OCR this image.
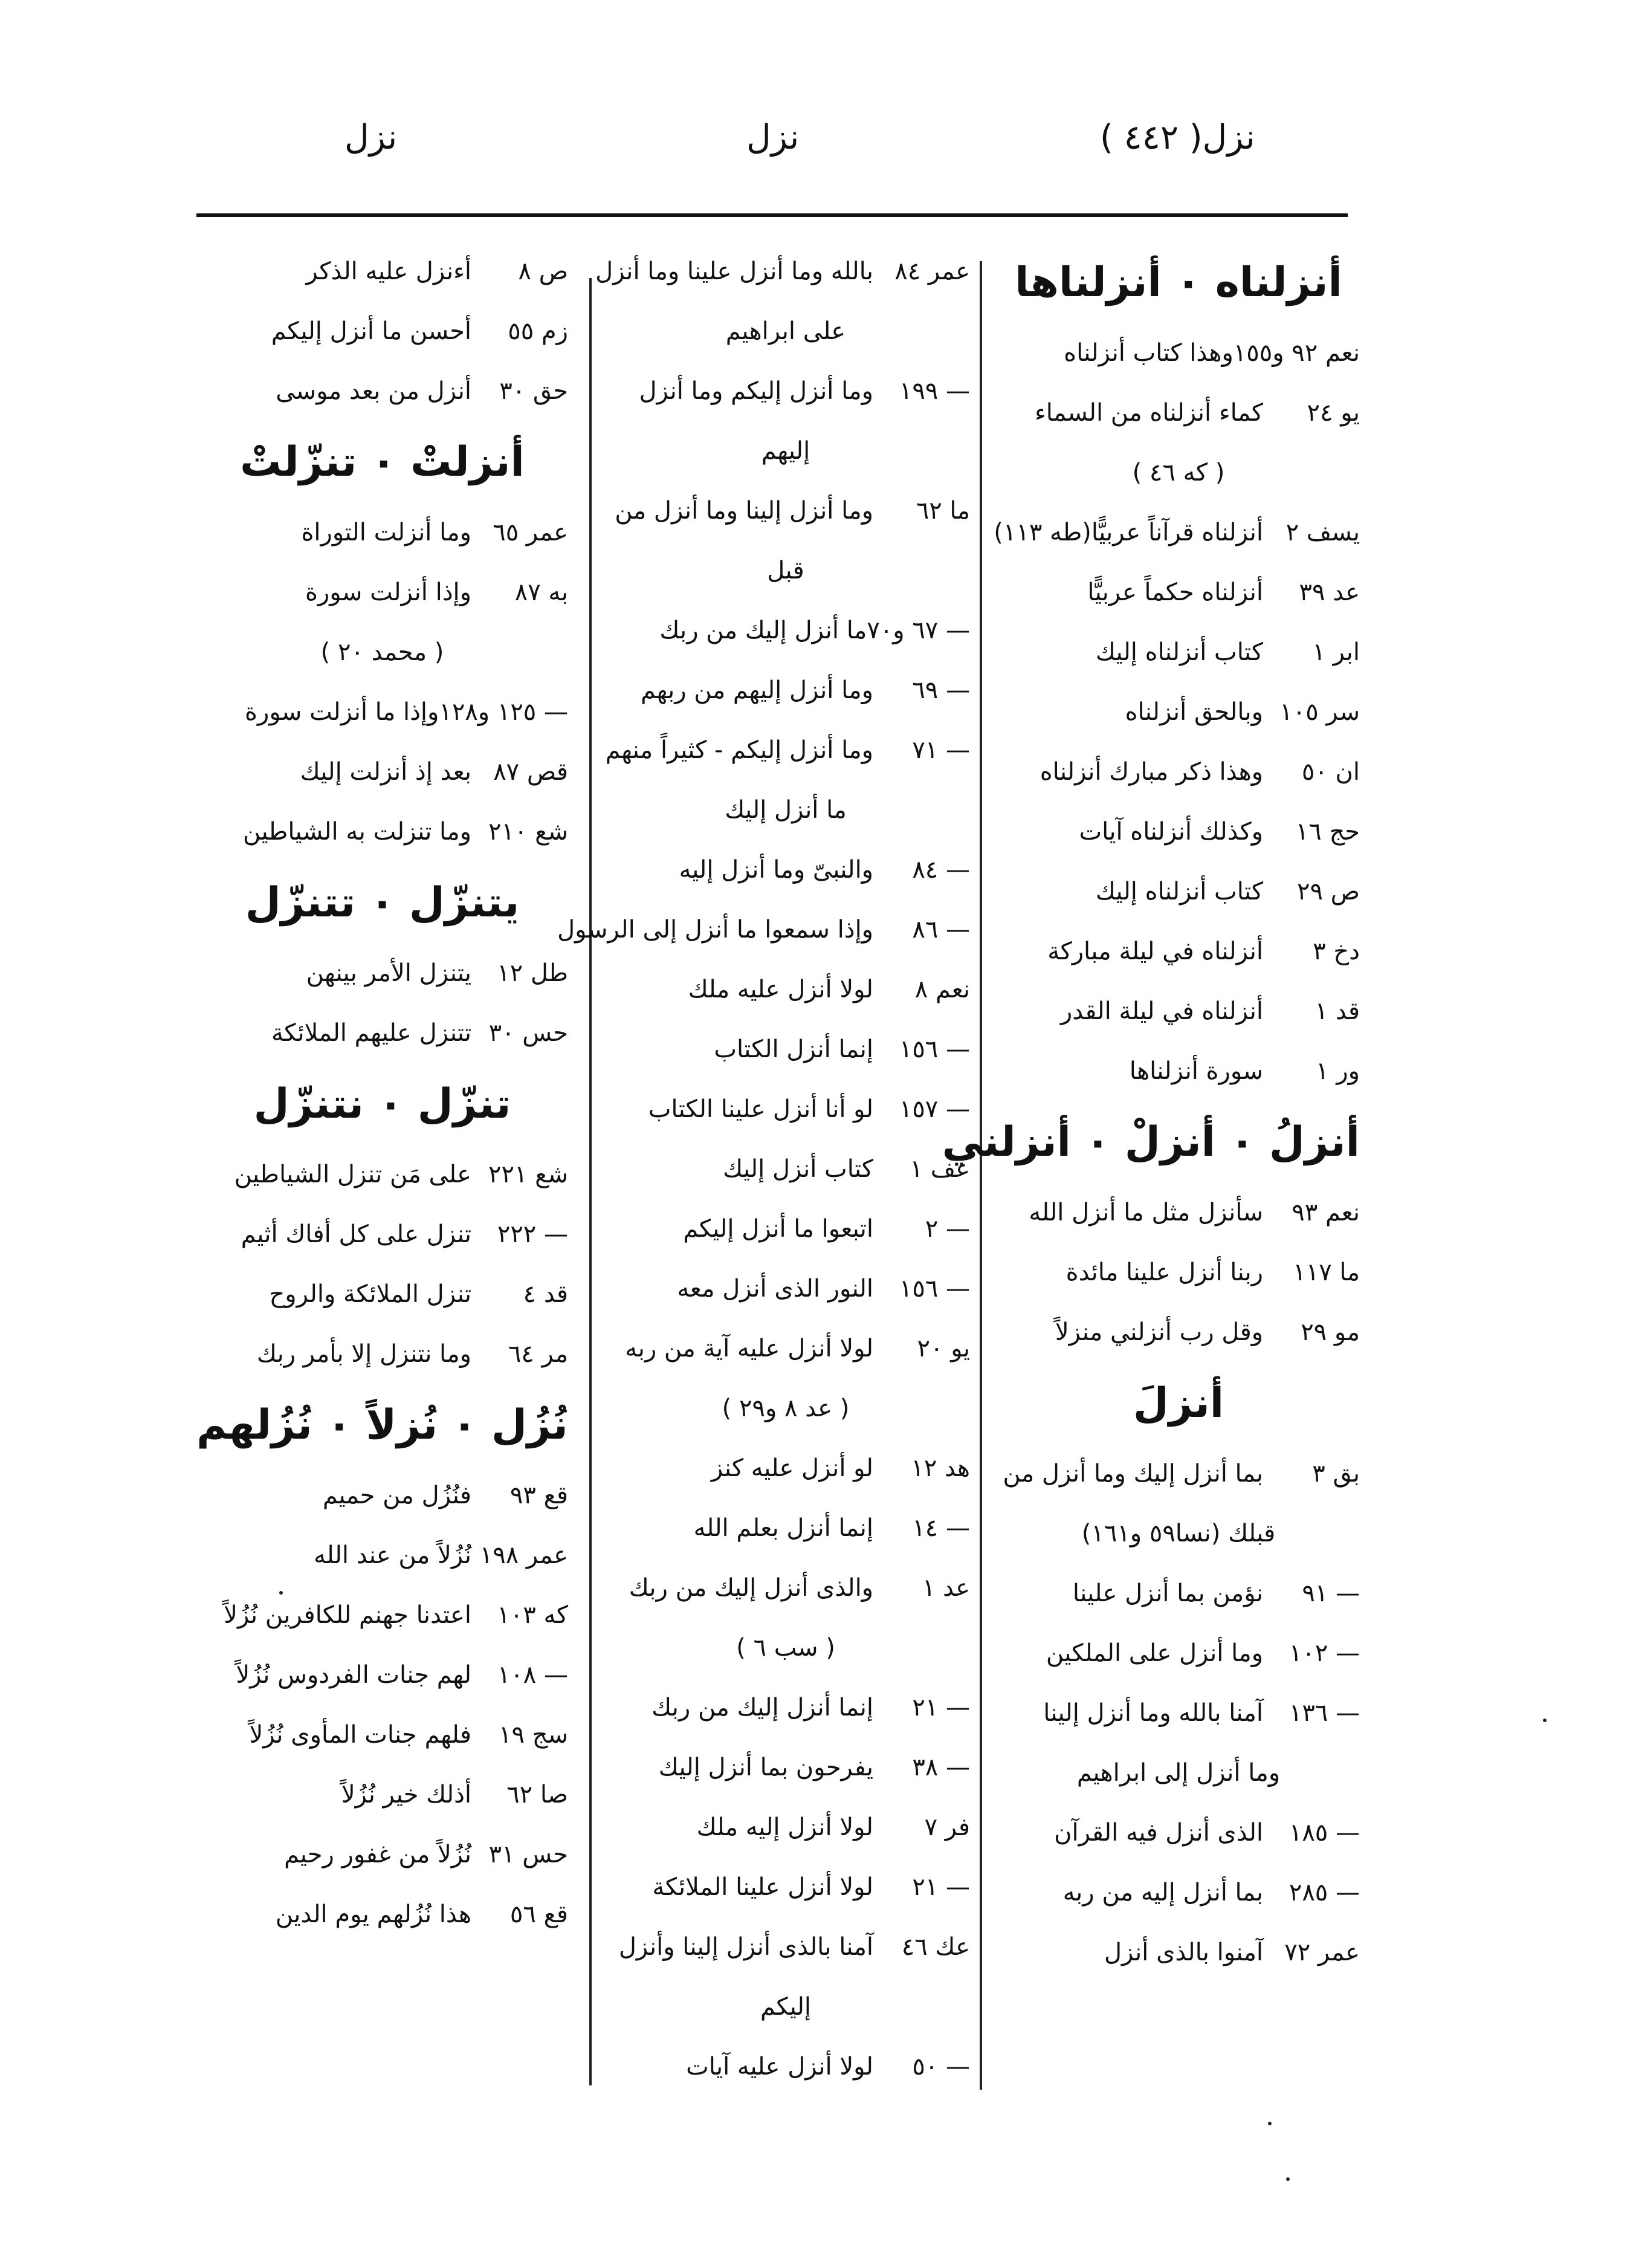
نزل( ٤٤٢ )
نزل
نزل
أنزلناه ٠ أنزلناها
نعم ٩٢ و١٥٥وهذا كتاب أنزلناه
يو ٢٤كماء أنزلناه من السماء
( كه ٤٦ )
يسف ٢أنزلناه قرآناً عربيًّا(طه ١١٣)
عد ٣٩أنزلناه حكماً عربيًّا
ابر ١كتاب أنزلناه إليك
سر ١٠٥وبالحق أنزلناه
ان ٥٠وهذا ذكر مبارك أنزلناه
حج ١٦وكذلك أنزلناه آيات
ص ٢٩كتاب أنزلناه إليك
دخ ٣أنزلناه في ليلة مباركة
قد ١أنزلناه في ليلة القدر
ور ١سورة أنزلناها
أنزلُ ٠ أنزلْ ٠ أنزلني
نعم ٩٣سأنزل مثل ما أنزل الله
ما ١١٧ربنا أنزل علينا مائدة
مو ٢٩وقل رب أنزلني منزلاً
أنزلَ
بق ٣بما أنزل إليك وما أنزل من
قبلك (نسا٥٩ و١٦١)
— ٩١نؤمن بما أنزل علينا
— ١٠٢وما أنزل على الملكين
— ١٣٦آمنا بالله وما أنزل إلينا
وما أنزل إلى ابراهيم
— ١٨٥الذى أنزل فيه القرآن
— ٢٨٥بما أنزل إليه من ربه
عمر ٧٢آمنوا بالذى أنزل
عمر ٨٤بالله وما أنزل علينا وما أنزل
على ابراهيم
— ١٩٩وما أنزل إليكم وما أنزل
إليهم
ما ٦٢وما أنزل إلينا وما أنزل من
قبل
— ٦٧ و٧٠ما أنزل إليك من ربك
— ٦٩وما أنزل إليهم من ربهم
— ٧١وما أنزل إليكم - كثيراً منهم
ما أنزل إليك
— ٨٤والنبىّ وما أنزل إليه
— ٨٦وإذا سمعوا ما أنزل إلى الرسول
نعم ٨لولا أنزل عليه ملك
— ١٥٦إنما أنزل الكتاب
— ١٥٧لو أنا أنزل علينا الكتاب
عف ١كتاب أنزل إليك
— ٢اتبعوا ما أنزل إليكم
— ١٥٦النور الذى أنزل معه
يو ٢٠لولا أنزل عليه آية من ربه
( عد ٨ و٢٩ )
هد ١٢لو أنزل عليه كنز
— ١٤إنما أنزل بعلم الله
عد ١والذى أنزل إليك من ربك
( سب ٦ )
— ٢١إنما أنزل إليك من ربك
— ٣٨يفرحون بما أنزل إليك
فر ٧لولا أنزل إليه ملك
— ٢١لولا أنزل علينا الملائكة
عك ٤٦آمنا بالذى أنزل إلينا وأنزل
إليكم
— ٥٠لولا أنزل عليه آيات
ص ٨أءنزل عليه الذكر
زم ٥٥أحسن ما أنزل إليكم
حق ٣٠أنزل من بعد موسى
أنزلتْ ٠ تنزّلتْ
عمر ٦٥وما أنزلت التوراة
به ٨٧وإذا أنزلت سورة
( محمد ٢٠ )
— ١٢٥ و١٢٨وإذا ما أنزلت سورة
قص ٨٧بعد إذ أنزلت إليك
شع ٢١٠وما تنزلت به الشياطين
يتنزّل ٠ تتنزّل
طل ١٢يتنزل الأمر بينهن
حس ٣٠تتنزل عليهم الملائكة
تنزّل ٠ نتنزّل
شع ٢٢١على مَن تنزل الشياطين
— ٢٢٢تنزل على كل أفاك أثيم
قد ٤تنزل الملائكة والروح
مر ٦٤وما نتنزل إلا بأمر ربك
نُزُل ٠ نُزلاً ٠ نُزُلهم
قع ٩٣فنُزُل من حميم
عمر ١٩٨نُزُلاً من عند الله
كه ١٠٣اعتدنا جهنم للكافرين نُزُلاً
— ١٠٨لهم جنات الفردوس نُزُلاً
سج ١٩فلهم جنات المأوى نُزُلاً
صا ٦٢أذلك خير نُزُلاً
حس ٣١نُزُلاً من غفور رحيم
قع ٥٦هذا نُزُلهم يوم الدين
